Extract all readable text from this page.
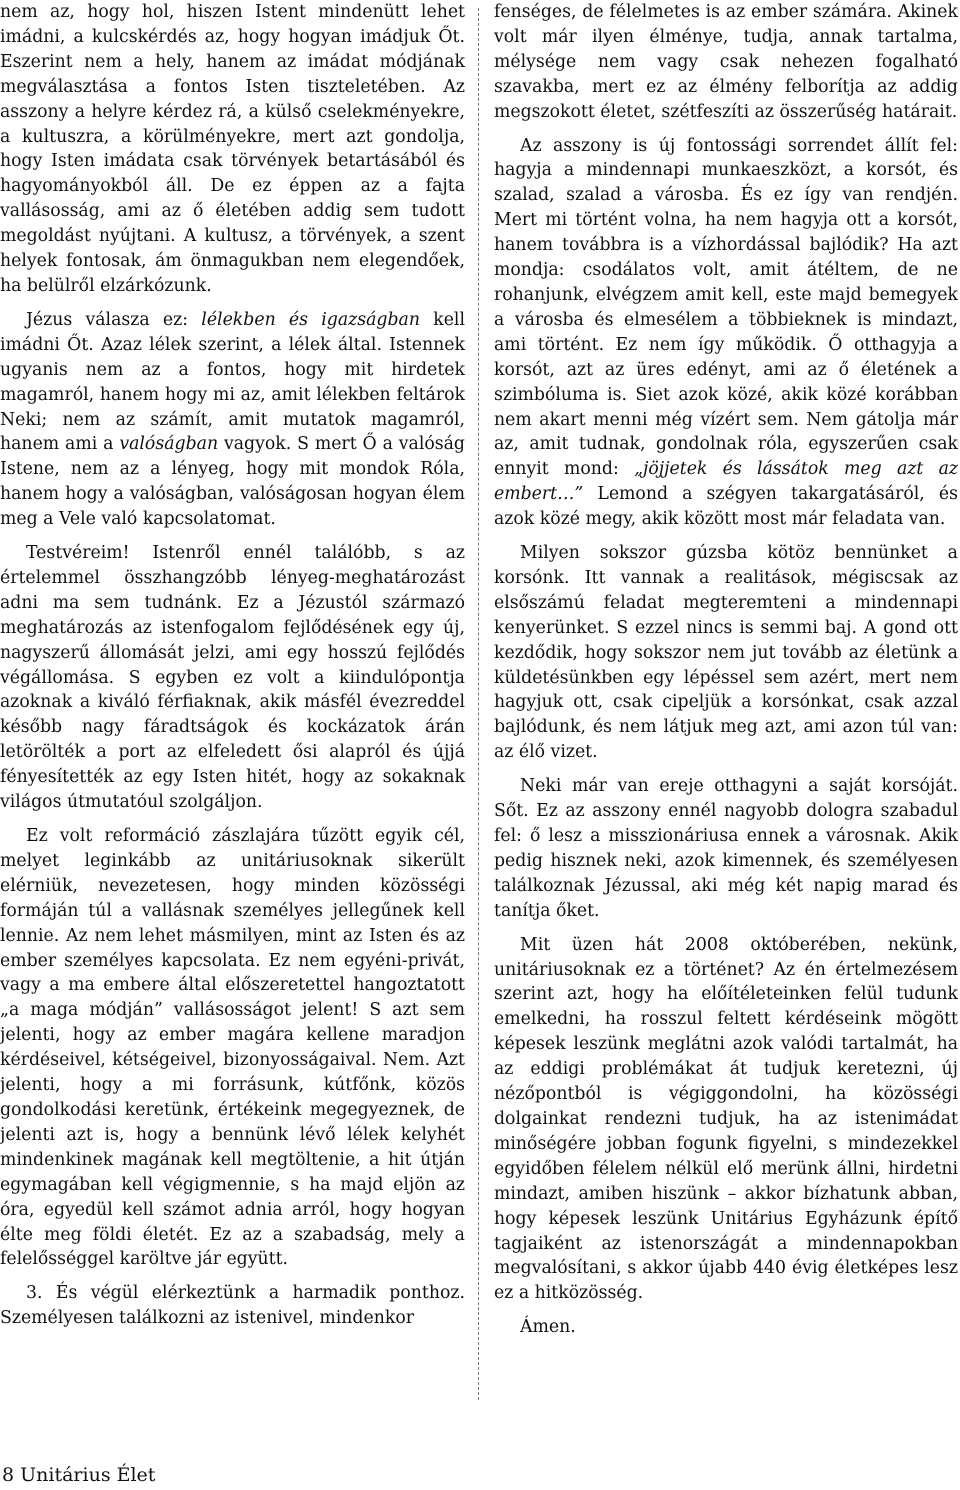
nem az, hogy hol, hiszen Istent mindenütt lehet imádni, a kulcskérdés az, hogy hogyan imádjuk Őt. Eszerint nem a hely, hanem az imádat módjának megválasztása a fontos Isten tiszteletében. Az asszony a helyre kérdez rá, a külső cselekményekre, a kultuszra, a körülményekre, mert azt gondolja, hogy Isten imádata csak törvények betartásából és hagyományokból áll. De ez éppen az a fajta vallásosság, ami az ő életében addig sem tudott megoldást nyújtani. A kultusz, a törvények, a szent helyek fontosak, ám önmagukban nem elegendőek, ha belülről elzárkózunk.

Jézus válasza ez: lélekben és igazságban kell imádni Őt. Azaz lélek szerint, a lélek által. Istennek ugyanis nem az a fontos, hogy mit hirdetek magamról, hanem hogy mi az, amit lélekben feltárok Neki; nem az számít, amit mutatok magamról, hanem ami a valóságban vagyok. S mert Ő a valóság Istene, nem az a lényeg, hogy mit mondok Róla, hanem hogy a valóságban, valóságosan hogyan élem meg a Vele való kapcsolatomat.

Testvéreim! Istenről ennél találóbb, s az értelemmel összhangzóbb lényeg-meghatározást adni ma sem tudnánk. Ez a Jézustól származó meghatározás az istenfogalom fejlődésének egy új, nagyszerű állomását jelzi, ami egy hosszú fejlődés végállomása. S egyben ez volt a kiindulópontja azoknak a kiváló férfiaknak, akik másfél évezreddel később nagy fáradtságok és kockázatok árán letörölték a port az elfeledett ősi alapról és újjá fényesítették az egy Isten hitét, hogy az sokaknak világos útmutatóul szolgáljon.

Ez volt reformáció zászlajára tűzött egyik cél, melyet leginkább az unitáriusoknak sikerült elérniük, nevezetesen, hogy minden közösségi formáján túl a vallásnak személyes jellegűnek kell lennie. Az nem lehet másmilyen, mint az Isten és az ember személyes kapcsolata. Ez nem egyéni-privát, vagy a ma embere által előszeretettel hangoztatott „a maga módján” vallásosságot jelent! S azt sem jelenti, hogy az ember magára kellene maradjon kérdéseivel, kétségeivel, bizonyosságaival. Nem. Azt jelenti, hogy a mi forrásunk, kútfőnk, közös gondolkodási keretünk, értékeink megegyeznek, de jelenti azt is, hogy a bennünk lévő lélek kelyhét mindenkinek magának kell megtöltenie, a hit útján egymagában kell végigmennie, s ha majd eljön az óra, egyedül kell számot adnia arról, hogy hogyan élte meg földi életét. Ez az a szabadság, mely a felelősséggel karöltve jár együtt.

3. És végül elérkeztünk a harmadik ponthoz. Személyesen találkozni az istenivel, mindenkor

fenséges, de félelmetes is az ember számára. Akinek volt már ilyen élménye, tudja, annak tartalma, mélysége nem vagy csak nehezen fogalható szavakba, mert ez az élmény felborítja az addig megszokott életet, szétfeszíti az összerűség határait.

Az asszony is új fontossági sorrendet állít fel: hagyja a mindennapi munkaeszközt, a korsót, és szalad, szalad a városba. És ez így van rendjén. Mert mi történt volna, ha nem hagyja ott a korsót, hanem továbbra is a vízhordással bajlódik? Ha azt mondja: csodálatos volt, amit átéltem, de ne rohanjunk, elvégzem amit kell, este majd bemegyek a városba és elmesélem a többieknek is mindazt, ami történt. Ez nem így működik. Ő otthagyja a korsót, azt az üres edényt, ami az ő életének a szimbóluma is. Siet azok közé, akik közé korábban nem akart menni még vízért sem. Nem gátolja már az, amit tudnak, gondolnak róla, egyszerűen csak ennyit mond: „jöjjetek és lássátok meg azt az embert…” Lemond a szégyen takargatásáról, és azok közé megy, akik között most már feladata van.

Milyen sokszor gúzsba kötöz bennünket a korsónk. Itt vannak a realitások, mégiscsak az elsőszámú feladat megteremteni a mindennapi kenyerünket. S ezzel nincs is semmi baj. A gond ott kezdődik, hogy sokszor nem jut tovább az életünk a küldetésünkben egy lépéssel sem azért, mert nem hagyjuk ott, csak cipeljük a korsónkat, csak azzal bajlódunk, és nem látjuk meg azt, ami azon túl van: az élő vizet.

Neki már van ereje otthagyni a saját korsóját. Sőt. Ez az asszony ennél nagyobb dologra szabadul fel: ő lesz a misszionáriusa ennek a városnak. Akik pedig hisznek neki, azok kimennek, és személyesen találkoznak Jézussal, aki még két napig marad és tanítja őket.

Mit üzen hát 2008 októberében, nekünk, unitáriusoknak ez a történet? Az én értelmezésem szerint azt, hogy ha előítéleteinken felül tudunk emelkedni, ha rosszul feltett kérdéseink mögött képesek leszünk meglátni azok valódi tartalmát, ha az eddigi problémákat át tudjuk keretezni, új nézőpontból is végiggondolni, ha közösségi dolgainkat rendezni tudjuk, ha az istenimádat minőségére jobban fogunk figyelni, s mindezekkel egyidőben félelem nélkül elő merünk állni, hirdetni mindazt, amiben hiszünk – akkor bízhatunk abban, hogy képesek leszünk Unitárius Egyházunk építő tagjaiként az istenországát a mindennapokban megvalósítani, s akkor újabb 440 évig életképes lesz ez a hitközösség.

Ámen.

8 Unitárius Élet
